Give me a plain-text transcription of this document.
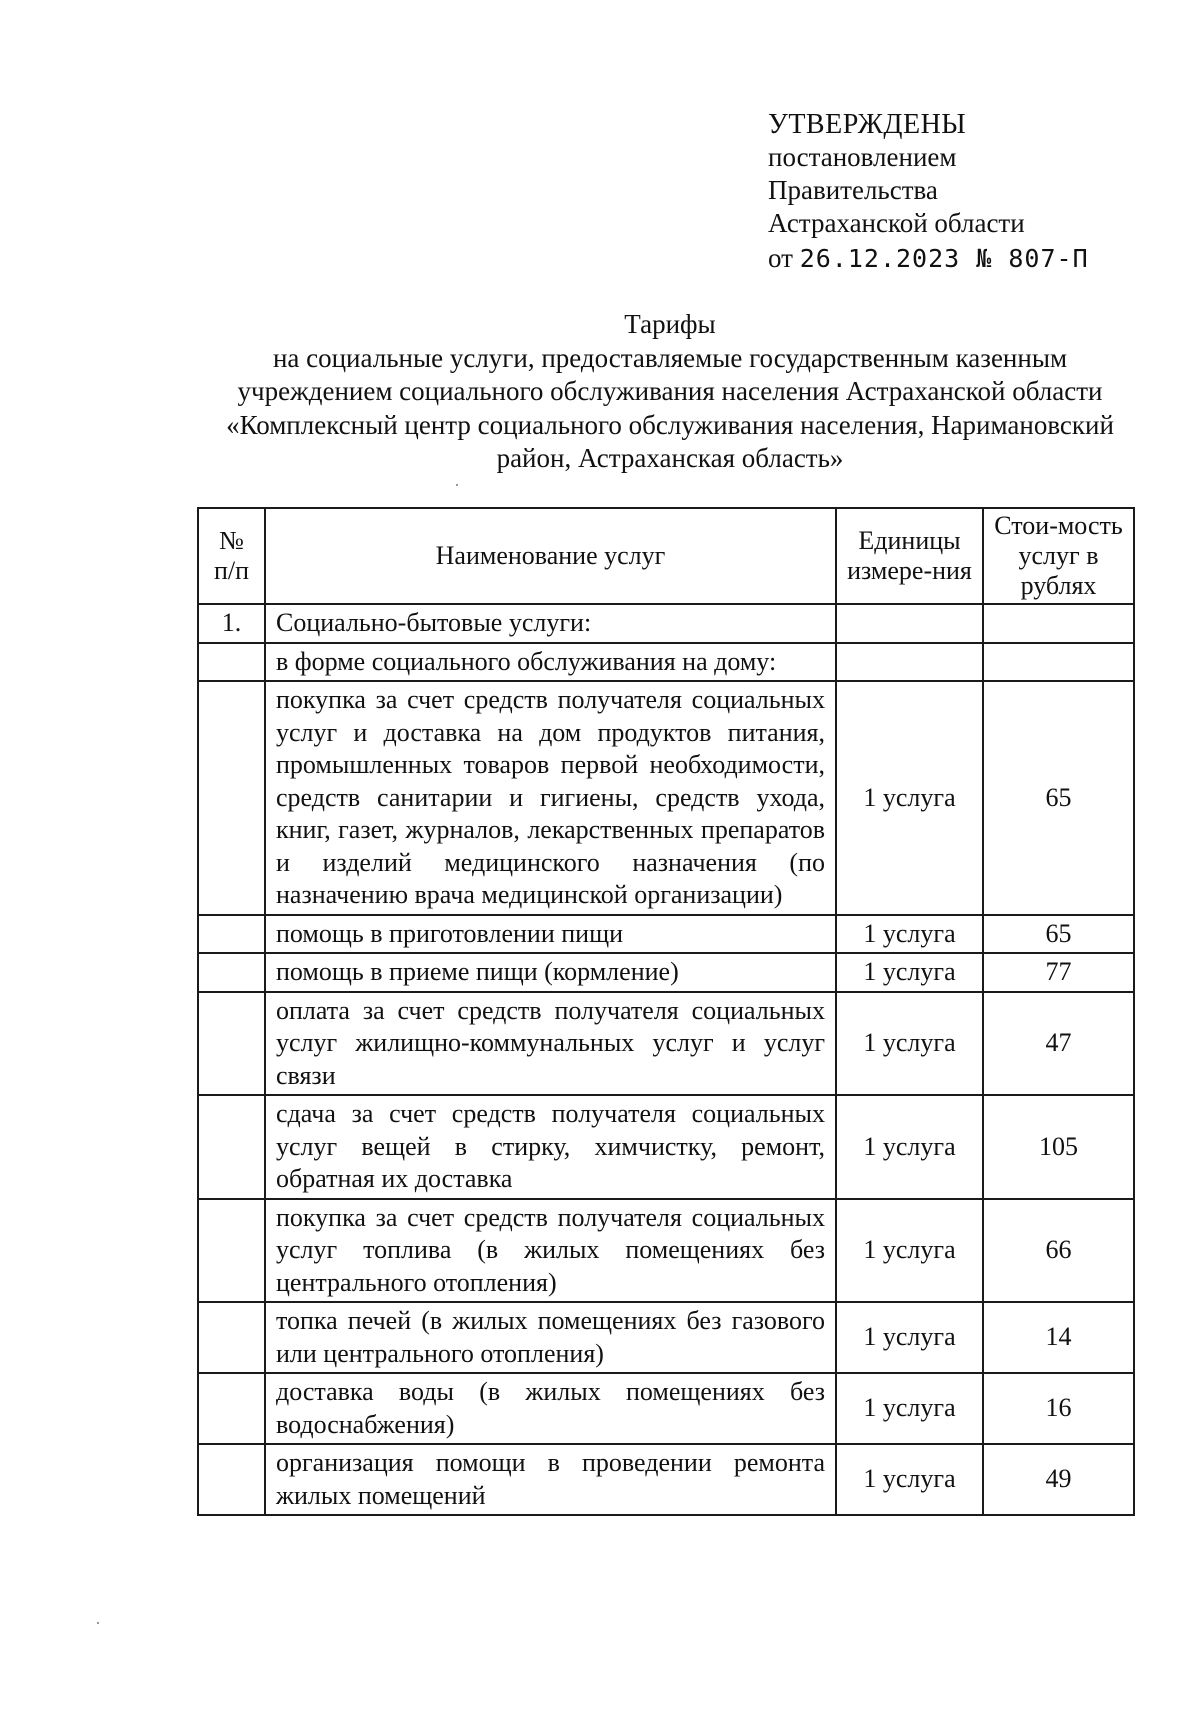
УТВЕРЖДЕНЫ
постановлением
Правительства
Астраханской области
от 26.12.2023 № 807-П
Тарифы
на социальные услуги, предоставляемые государственным казенным
учреждением социального обслуживания населения Астраханской области
«Комплексный центр социального обслуживания населения, Наримановский
район, Астраханская область»
№ п/п	Наименование услуг	Единицы измере-ния	Стои-мость услуг в рублях
1.	Социально-бытовые услуги:		
	в форме социального обслуживания на дому:		
	покупка за счет средств получателя социальных услуг и доставка на дом продуктов питания, промышленных товаров первой необходимости, средств санитарии и гигиены, средств ухода, книг, газет, журналов, лекарственных препаратов и изделий медицинского назначения (по назначению врача медицинской организации)	1 услуга	65
	помощь в приготовлении пищи	1 услуга	65
	помощь в приеме пищи (кормление)	1 услуга	77
	оплата за счет средств получателя социальных услуг жилищно-коммунальных услуг и услуг связи	1 услуга	47
	сдача за счет средств получателя социальных услуг вещей в стирку, химчистку, ремонт, обратная их доставка	1 услуга	105
	покупка за счет средств получателя социальных услуг топлива (в жилых помещениях без центрального отопления)	1 услуга	66
	топка печей (в жилых помещениях без газового или центрального отопления)	1 услуга	14
	доставка воды (в жилых помещениях без водоснабжения)	1 услуга	16
	организация помощи в проведении ремонта жилых помещений	1 услуга	49
